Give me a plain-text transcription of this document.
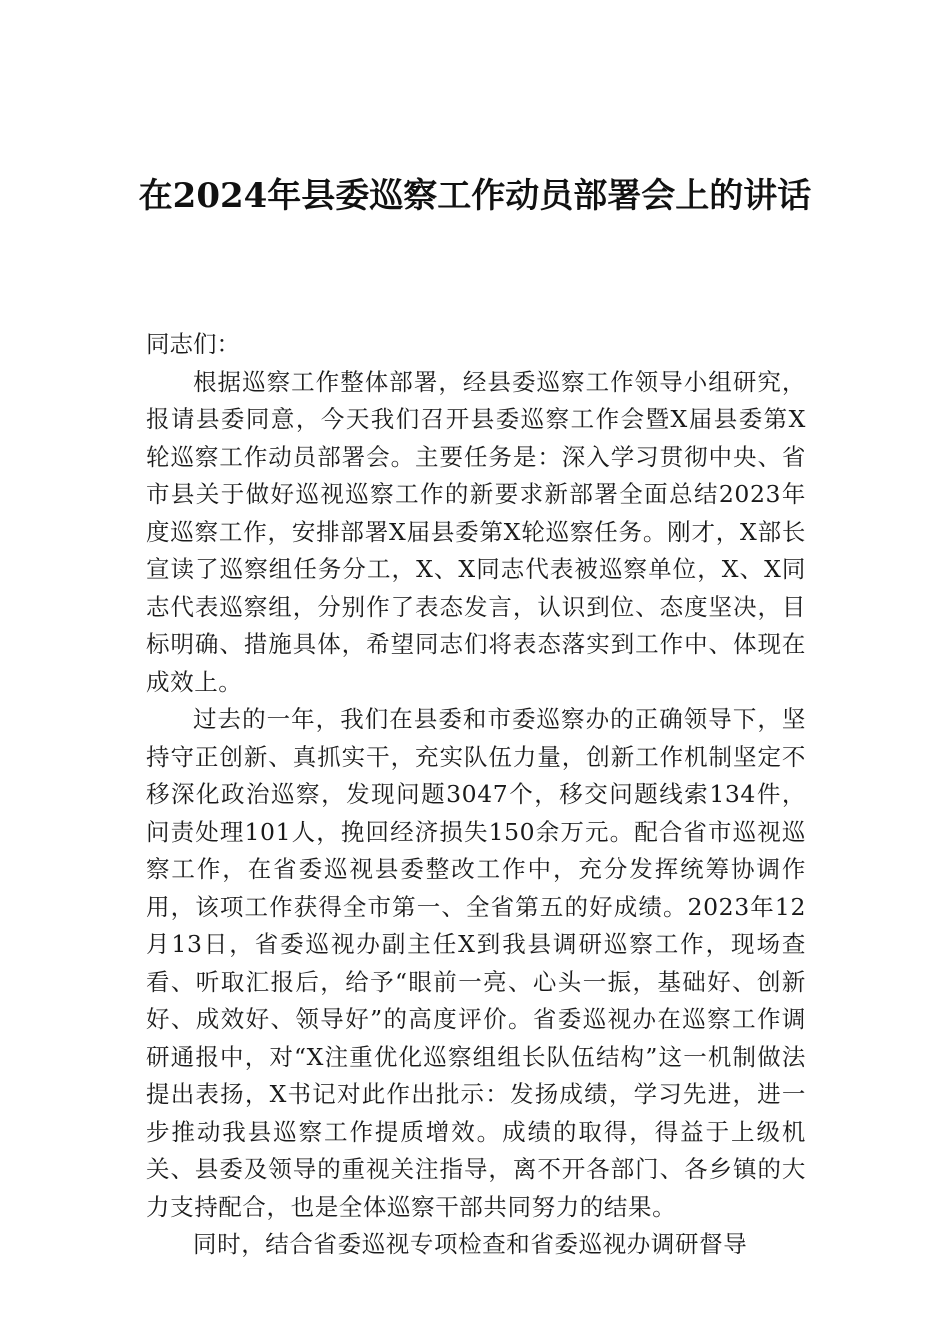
在2024年县委巡察工作动员部署会上的讲话

同志们：

根据巡察工作整体部署，经县委巡察工作领导小组研究，报请县委同意，今天我们召开县委巡察工作会暨X届县委第X轮巡察工作动员部署会。主要任务是：深入学习贯彻中央、省市县关于做好巡视巡察工作的新要求新部署全面总结2023年度巡察工作，安排部署X届县委第X轮巡察任务。刚才，X部长宣读了巡察组任务分工，X、X同志代表被巡察单位，X、X同志代表巡察组，分别作了表态发言，认识到位、态度坚决，目标明确、措施具体，希望同志们将表态落实到工作中、体现在成效上。

过去的一年，我们在县委和市委巡察办的正确领导下，坚持守正创新、真抓实干，充实队伍力量，创新工作机制坚定不移深化政治巡察，发现问题3047个，移交问题线索134件，问责处理101人，挽回经济损失150余万元。配合省市巡视巡察工作，在省委巡视县委整改工作中，充分发挥统筹协调作用，该项工作获得全市第一、全省第五的好成绩。2023年12月13日，省委巡视办副主任X到我县调研巡察工作，现场查看、听取汇报后，给予“眼前一亮、心头一振，基础好、创新好、成效好、领导好”的高度评价。省委巡视办在巡察工作调研通报中，对“X注重优化巡察组组长队伍结构”这一机制做法提出表扬，X书记对此作出批示：发扬成绩，学习先进，进一步推动我县巡察工作提质增效。成绩的取得，得益于上级机关、县委及领导的重视关注指导，离不开各部门、各乡镇的大力支持配合，也是全体巡察干部共同努力的结果。

同时，结合省委巡视专项检查和省委巡视办调研督导
